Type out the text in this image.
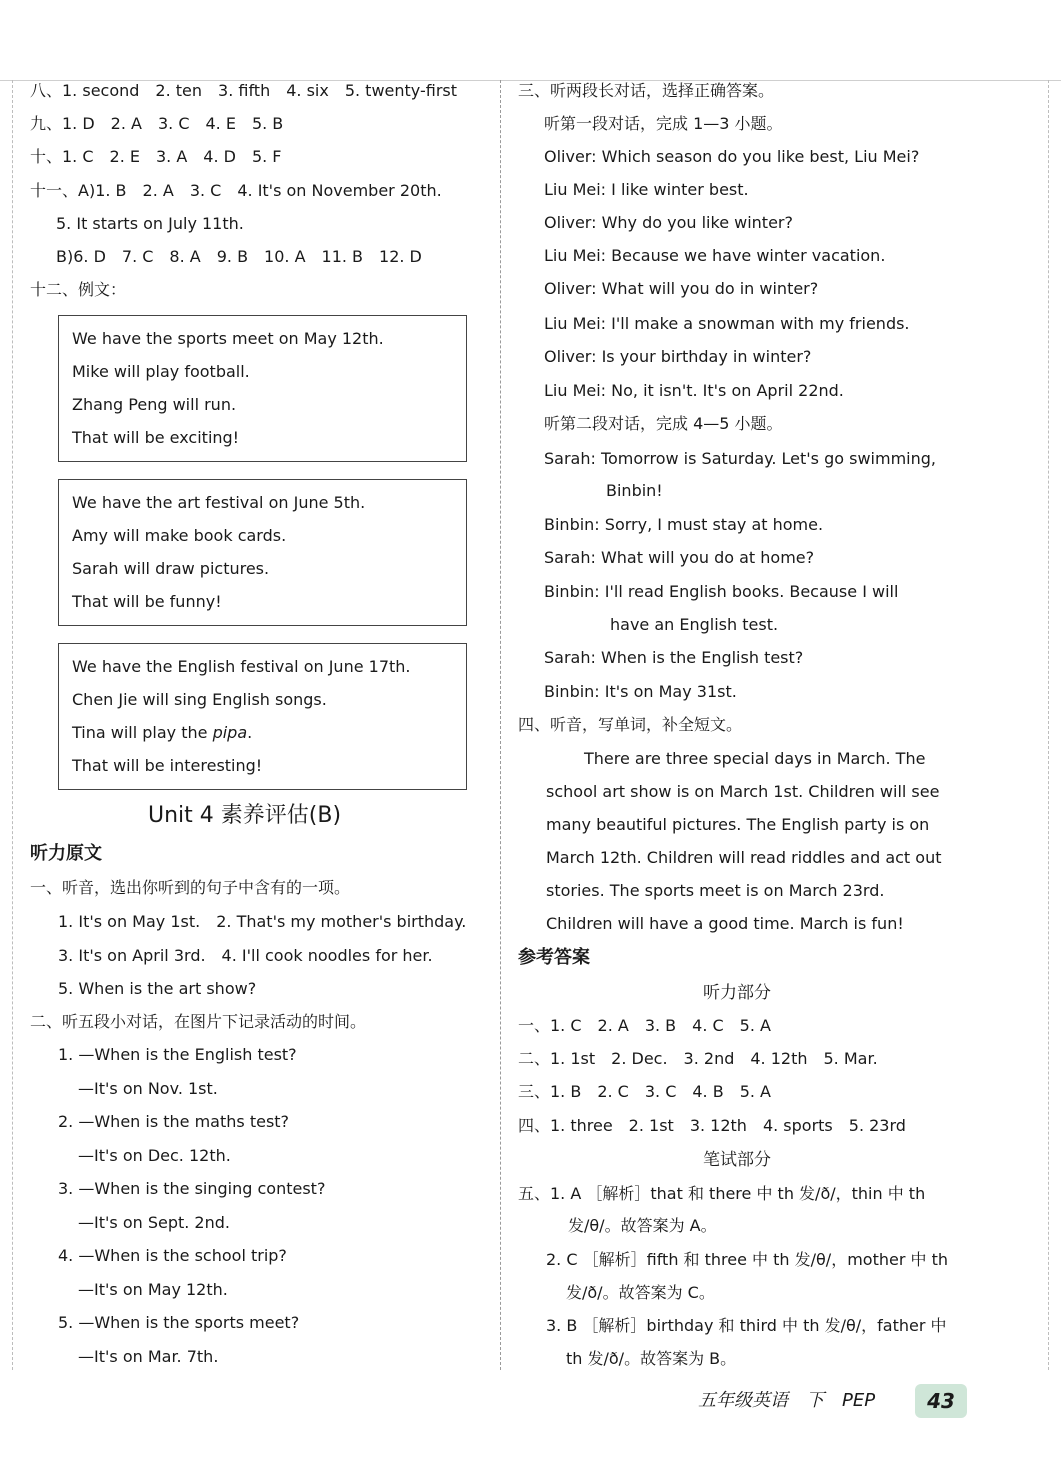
八、1. second　2. ten　3. fifth　4. six　5. twenty-first
九、1. D　2. A　3. C　4. E　5. B
十、1. C　2. E　3. A　4. D　5. F
十一、A)1. B　2. A　3. C　4. It's on November 20th.
5. It starts on July 11th.
B)6. D　7. C　8. A　9. B　10. A　11. B　12. D
十二、例文：
We have the sports meet on May 12th.
Mike will play football.
Zhang Peng will run.
That will be exciting!
We have the art festival on June 5th.
Amy will make book cards.
Sarah will draw pictures.
That will be funny!
We have the English festival on June 17th.
Chen Jie will sing English songs.
Tina will play the pipa.
That will be interesting!
Unit 4 素养评估(B)
听力原文
一、听音，选出你听到的句子中含有的一项。
1. It's on May 1st.　2. That's my mother's birthday.
3. It's on April 3rd.　4. I'll cook noodles for her.
5. When is the art show?
二、听五段小对话，在图片下记录活动的时间。
1. —When is the English test?
—It's on Nov. 1st.
2. —When is the maths test?
—It's on Dec. 12th.
3. —When is the singing contest?
—It's on Sept. 2nd.
4. —When is the school trip?
—It's on May 12th.
5. —When is the sports meet?
—It's on Mar. 7th.
三、听两段长对话，选择正确答案。
听第一段对话，完成 1—3 小题。
Oliver: Which season do you like best, Liu Mei?
Liu Mei: I like winter best.
Oliver: Why do you like winter?
Liu Mei: Because we have winter vacation.
Oliver: What will you do in winter?
Liu Mei: I'll make a snowman with my friends.
Oliver: Is your birthday in winter?
Liu Mei: No, it isn't. It's on April 22nd.
听第二段对话，完成 4—5 小题。
Sarah: Tomorrow is Saturday. Let's go swimming,
Binbin!
Binbin: Sorry, I must stay at home.
Sarah: What will you do at home?
Binbin: I'll read English books. Because I will
have an English test.
Sarah: When is the English test?
Binbin: It's on May 31st.
四、听音，写单词，补全短文。
There are three special days in March. The
school art show is on March 1st. Children will see
many beautiful pictures. The English party is on
March 12th. Children will read riddles and act out
stories. The sports meet is on March 23rd.
Children will have a good time. March is fun!
参考答案
听力部分
一、1. C　2. A　3. B　4. C　5. A
二、1. 1st　2. Dec.　3. 2nd　4. 12th　5. Mar.
三、1. B　2. C　3. C　4. B　5. A
四、1. three　2. 1st　3. 12th　4. sports　5. 23rd
笔试部分
五、1. A ［解析］that 和 there 中 th 发/ð/，thin 中 th
发/θ/。故答案为 A。
2. C ［解析］fifth 和 three 中 th 发/θ/，mother 中 th
发/ð/。故答案为 C。
3. B ［解析］birthday 和 third 中 th 发/θ/，father 中
th 发/ð/。故答案为 B。
五年级英语　下　PEP	43
